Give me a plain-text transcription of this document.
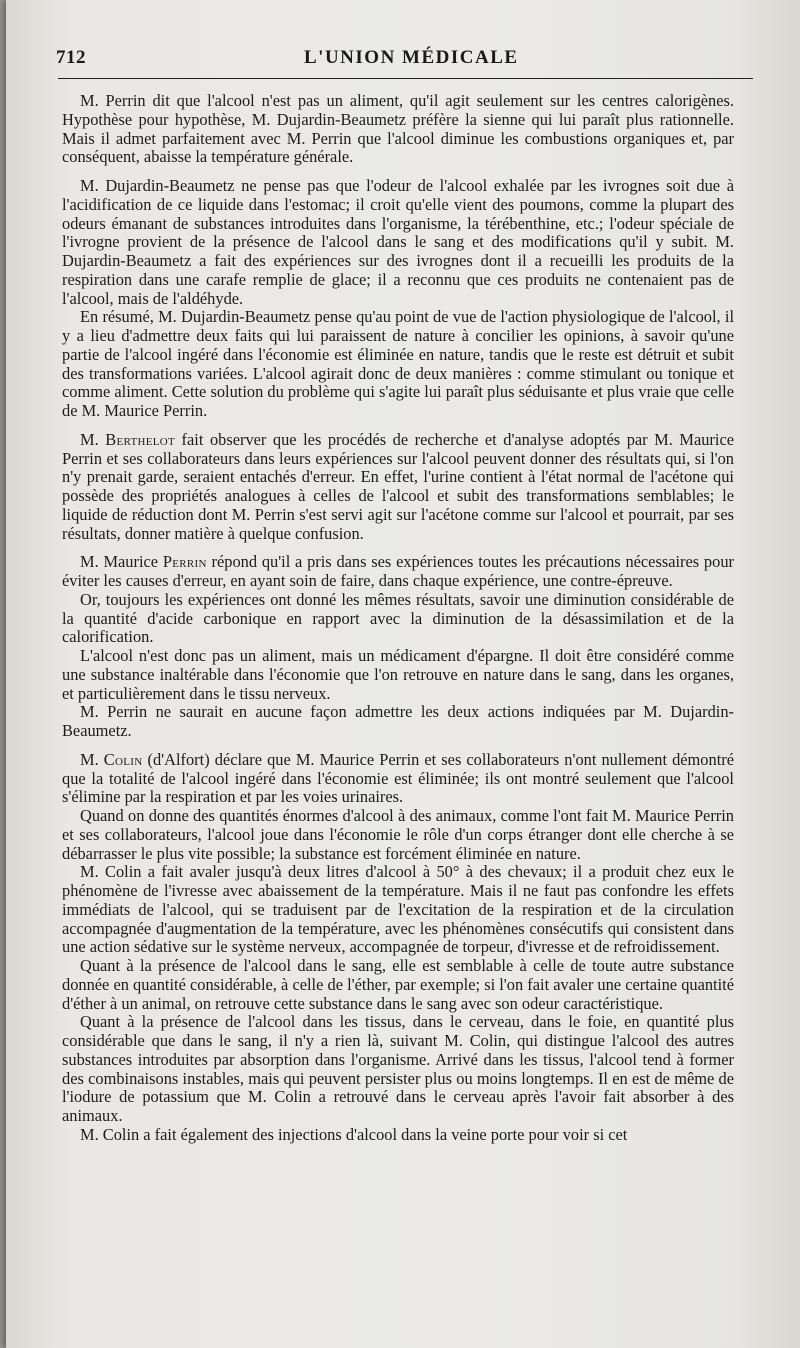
712	L'UNION MÉDICALE

M. Perrin dit que l'alcool n'est pas un aliment, qu'il agit seulement sur les centres calorigènes. Hypothèse pour hypothèse, M. Dujardin-Beaumetz préfère la sienne qui lui paraît plus rationnelle. Mais il admet parfaitement avec M. Perrin que l'alcool diminue les combustions organiques et, par conséquent, abaisse la température générale.

M. Dujardin-Beaumetz ne pense pas que l'odeur de l'alcool exhalée par les ivrognes soit due à l'acidification de ce liquide dans l'estomac; il croit qu'elle vient des poumons, comme la plupart des odeurs émanant de substances introduites dans l'organisme, la térébenthine, etc.; l'odeur spéciale de l'ivrogne provient de la présence de l'alcool dans le sang et des modifications qu'il y subit. M. Dujardin-Beaumetz a fait des expériences sur des ivrognes dont il a recueilli les produits de la respiration dans une carafe remplie de glace; il a reconnu que ces produits ne contenaient pas de l'alcool, mais de l'aldéhyde.

En résumé, M. Dujardin-Beaumetz pense qu'au point de vue de l'action physiologique de l'alcool, il y a lieu d'admettre deux faits qui lui paraissent de nature à concilier les opinions, à savoir qu'une partie de l'alcool ingéré dans l'économie est éliminée en nature, tandis que le reste est détruit et subit des transformations variées. L'alcool agirait donc de deux manières : comme stimulant ou tonique et comme aliment. Cette solution du problème qui s'agite lui paraît plus séduisante et plus vraie que celle de M. Maurice Perrin.

M. Berthelot fait observer que les procédés de recherche et d'analyse adoptés par M. Maurice Perrin et ses collaborateurs dans leurs expériences sur l'alcool peuvent donner des résultats qui, si l'on n'y prenait garde, seraient entachés d'erreur. En effet, l'urine contient à l'état normal de l'acétone qui possède des propriétés analogues à celles de l'alcool et subit des transformations semblables; le liquide de réduction dont M. Perrin s'est servi agit sur l'acétone comme sur l'alcool et pourrait, par ses résultats, donner matière à quelque confusion.

M. Maurice Perrin répond qu'il a pris dans ses expériences toutes les précautions nécessaires pour éviter les causes d'erreur, en ayant soin de faire, dans chaque expérience, une contre-épreuve.

Or, toujours les expériences ont donné les mêmes résultats, savoir une diminution considérable de la quantité d'acide carbonique en rapport avec la diminution de la désassimilation et de la calorification.

L'alcool n'est donc pas un aliment, mais un médicament d'épargne. Il doit être considéré comme une substance inaltérable dans l'économie que l'on retrouve en nature dans le sang, dans les organes, et particulièrement dans le tissu nerveux.

M. Perrin ne saurait en aucune façon admettre les deux actions indiquées par M. Dujardin-Beaumetz.

M. Colin (d'Alfort) déclare que M. Maurice Perrin et ses collaborateurs n'ont nullement démontré que la totalité de l'alcool ingéré dans l'économie est éliminée; ils ont montré seulement que l'alcool s'élimine par la respiration et par les voies urinaires.

Quand on donne des quantités énormes d'alcool à des animaux, comme l'ont fait M. Maurice Perrin et ses collaborateurs, l'alcool joue dans l'économie le rôle d'un corps étranger dont elle cherche à se débarrasser le plus vite possible; la substance est forcément éliminée en nature.

M. Colin a fait avaler jusqu'à deux litres d'alcool à 50° à des chevaux; il a produit chez eux le phénomène de l'ivresse avec abaissement de la température. Mais il ne faut pas confondre les effets immédiats de l'alcool, qui se traduisent par de l'excitation de la respiration et de la circulation accompagnée d'augmentation de la température, avec les phénomènes consécutifs qui consistent dans une action sédative sur le système nerveux, accompagnée de torpeur, d'ivresse et de refroidissement.

Quant à la présence de l'alcool dans le sang, elle est semblable à celle de toute autre substance donnée en quantité considérable, à celle de l'éther, par exemple; si l'on fait avaler une certaine quantité d'éther à un animal, on retrouve cette substance dans le sang avec son odeur caractéristique.

Quant à la présence de l'alcool dans les tissus, dans le cerveau, dans le foie, en quantité plus considérable que dans le sang, il n'y a rien là, suivant M. Colin, qui distingue l'alcool des autres substances introduites par absorption dans l'organisme. Arrivé dans les tissus, l'alcool tend à former des combinaisons instables, mais qui peuvent persister plus ou moins longtemps. Il en est de même de l'iodure de potassium que M. Colin a retrouvé dans le cerveau après l'avoir fait absorber à des animaux.

M. Colin a fait également des injections d'alcool dans la veine porte pour voir si cet
